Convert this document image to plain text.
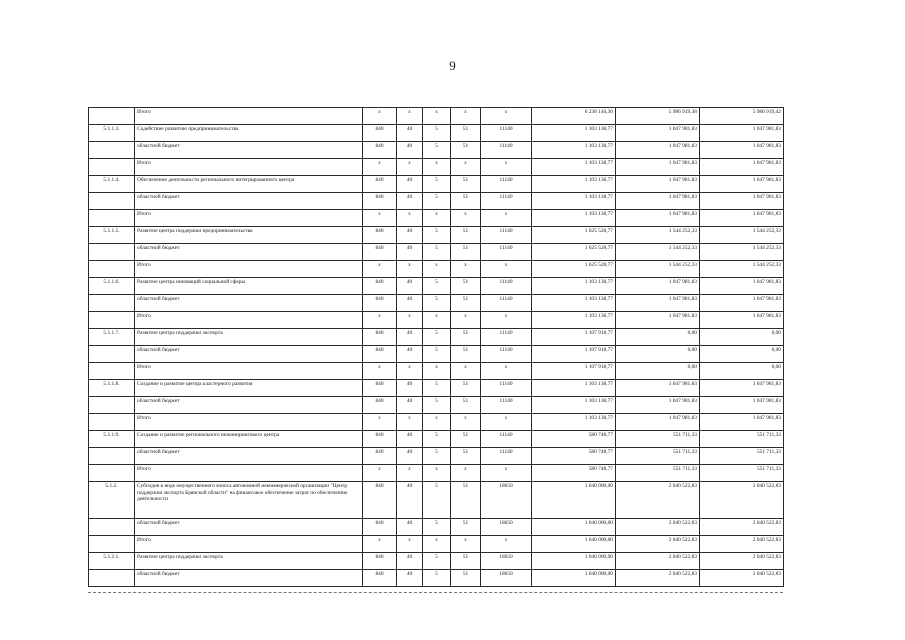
9
	Итого	х	х	х	х	х	6 238 146,30	5 986 919,38	5 986 919,42
5.1.1.3.	Содействие развитию предпринимательства	840	40	5	51	11140	1 103 138,77	1 047 981,83	1 047 981,83
	областной бюджет	840	40	5	51	11140	1 103 138,77	1 047 981,83	1 047 981,83
	Итого	х	х	х	х	х	1 103 138,77	1 047 981,83	1 047 981,83
5.1.1.4.	Обеспечение деятельности регионального интегрированного центра	840	40	5	51	11140	1 103 138,77	1 047 981,83	1 047 981,83
	областной бюджет	840	40	5	51	11140	1 103 138,77	1 047 981,83	1 047 981,83
	Итого	х	х	х	х	х	1 103 138,77	1 047 981,83	1 047 981,83
5.1.1.5.	Развитие центра поддержки предпринимательства	840	40	5	51	11140	1 625 528,77	1 544 252,33	1 544 252,33
	областной бюджет	840	40	5	51	11140	1 625 528,77	1 544 252,33	1 544 252,33
	Итого	х	х	х	х	х	1 625 528,77	1 544 252,33	1 544 252,33
5.1.1.6.	Развитие центра инноваций социальной сферы	840	40	5	51	11140	1 103 138,77	1 047 981,83	1 047 981,83
	областной бюджет	840	40	5	51	11140	1 103 138,77	1 047 981,83	1 047 981,83
	Итого	х	х	х	х	х	1 103 138,77	1 047 981,83	1 047 981,83
5.1.1.7.	Развитие центра поддержки экспорта	840	40	5	51	11140	1 107 918,77	0,00	0,00
	областной бюджет	840	40	5	51	11140	1 107 918,77	0,00	0,00
	Итого	х	х	х	х	х	1 107 918,77	0,00	0,00
5.1.1.8.	Создание и развитие центра кластерного развития	840	40	5	51	11140	1 103 138,77	1 047 981,83	1 047 981,83
	областной бюджет	840	40	5	51	11140	1 103 138,77	1 047 981,83	1 047 981,83
	Итого	х	х	х	х	х	1 103 138,77	1 047 981,83	1 047 981,83
5.1.1.9.	Создание и развитие регионального инжинирингового центра	840	40	5	51	11140	580 748,77	551 711,33	551 711,33
	областной бюджет	840	40	5	51	11140	580 748,77	551 711,33	551 711,33
	Итого	х	х	х	х	х	580 748,77	551 711,33	551 711,33
5.1.2.	Субсидия в виде имущественного взноса автономной некоммерческой организации "Центр поддержки экспорта Брянской области" на финансовое обеспечение затрат по обеспечению деятельности	840	40	5	51	18650	1 040 000,00	2 040 522,83	2 040 522,83
	областной бюджет	840	40	5	51	18650	1 040 000,00	2 040 522,83	2 040 522,83
	Итого	х	х	х	х	х	1 040 000,00	2 040 522,83	2 040 522,83
5.1.2.1.	Развитие центра поддержки экспорта	840	40	5	51	18650	1 040 000,00	2 040 522,83	2 040 522,83
	областной бюджет	840	40	5	51	18650	1 040 000,00	2 040 522,83	2 040 522,83
